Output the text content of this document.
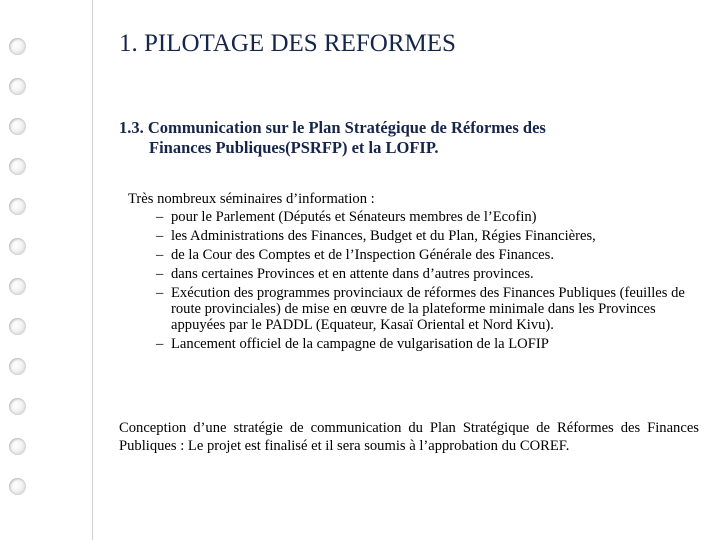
1. PILOTAGE DES REFORMES
1.3. Communication sur le Plan Stratégique de Réformes des
Finances Publiques(PSRFP) et la LOFIP.

Très nombreux séminaires d’information :

– pour le Parlement (Députés et Sénateurs membres de l’Ecofin)
– les Administrations des Finances, Budget et du Plan, Régies Financières,
– de la Cour des Comptes et de l’Inspection Générale des Finances.
– dans certaines Provinces et en attente dans d’autres provinces.
– Exécution des programmes provinciaux de réformes des Finances Publiques (feuilles de route provinciales) de mise en œuvre de la plateforme minimale dans les Provinces appuyées par le PADDL (Equateur, Kasaï Oriental et Nord Kivu).
– Lancement officiel de la campagne de vulgarisation de la LOFIP
Conception d’une stratégie de communication du Plan Stratégique de Réformes des Finances Publiques : Le projet est finalisé et il sera soumis à l’approbation du COREF.
